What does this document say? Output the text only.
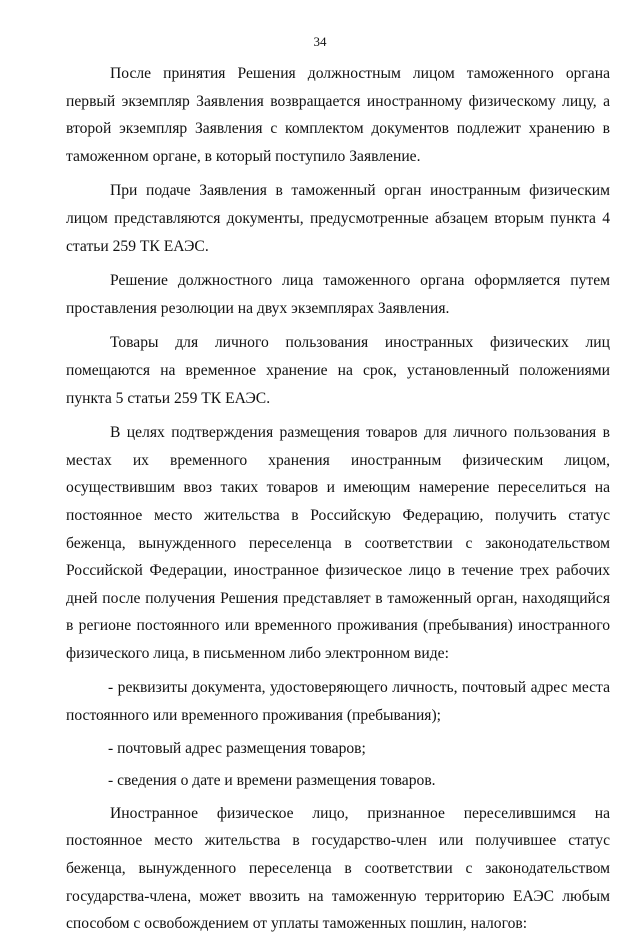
34

После принятия Решения должностным лицом таможенного органа первый экземпляр Заявления возвращается иностранному физическому лицу, а второй экземпляр Заявления с комплектом документов подлежит хранению в таможенном органе, в который поступило Заявление.

При подаче Заявления в таможенный орган иностранным физическим лицом представляются документы, предусмотренные абзацем вторым пункта 4 статьи 259 ТК ЕАЭС.

Решение должностного лица таможенного органа оформляется путем проставления резолюции на двух экземплярах Заявления.

Товары для личного пользования иностранных физических лиц помещаются на временное хранение на срок, установленный положениями пункта 5 статьи 259 ТК ЕАЭС.

В целях подтверждения размещения товаров для личного пользования в местах их временного хранения иностранным физическим лицом, осуществившим ввоз таких товаров и имеющим намерение переселиться на постоянное место жительства в Российскую Федерацию, получить статус беженца, вынужденного переселенца в соответствии с законодательством Российской Федерации, иностранное физическое лицо в течение трех рабочих дней после получения Решения представляет в таможенный орган, находящийся в регионе постоянного или временного проживания (пребывания) иностранного физического лица, в письменном либо электронном виде:

- реквизиты документа, удостоверяющего личность, почтовый адрес места постоянного или временного проживания (пребывания);

- почтовый адрес размещения товаров;

- сведения о дате и времени размещения товаров.

Иностранное физическое лицо, признанное переселившимся на постоянное место жительства в государство-член или получившее статус беженца, вынужденного переселенца в соответствии с законодательством государства-члена, может ввозить на таможенную территорию ЕАЭС любым способом с освобождением от уплаты таможенных пошлин, налогов:
